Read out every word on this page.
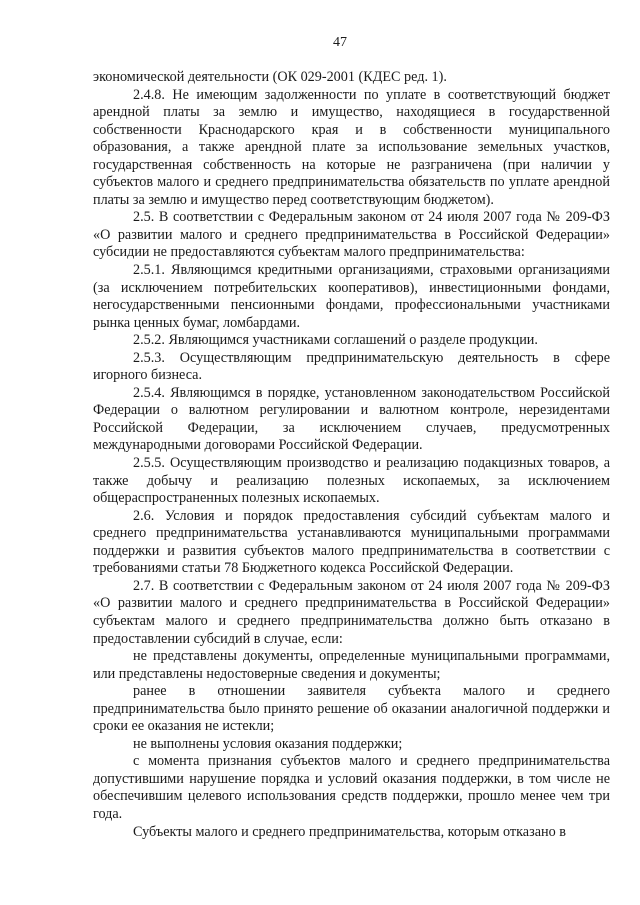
47

экономической деятельности (ОК 029-2001 (КДЕС ред. 1).

2.4.8. Не имеющим задолженности по уплате в соответствующий бюджет арендной платы за землю и имущество, находящиеся в государственной собственности Краснодарского края и в собственности муниципального образования, а также арендной плате за использование земельных участков, государственная собственность на которые не разграничена (при наличии у субъектов малого и среднего предпринимательства обязательств по уплате арендной платы за землю и имущество перед соответствующим бюджетом).

2.5. В соответствии с Федеральным законом от 24 июля 2007 года № 209-ФЗ «О развитии малого и среднего предпринимательства в Российской Федерации» субсидии не предоставляются субъектам малого предпринимательства:

2.5.1. Являющимся кредитными организациями, страховыми организациями (за исключением потребительских кооперативов), инвестиционными фондами, негосударственными пенсионными фондами, профессиональными участниками рынка ценных бумаг, ломбардами.

2.5.2. Являющимся участниками соглашений о разделе продукции.

2.5.3. Осуществляющим предпринимательскую деятельность в сфере игорного бизнеса.

2.5.4. Являющимся в порядке, установленном законодательством Российской Федерации о валютном регулировании и валютном контроле, нерезидентами Российской Федерации, за исключением случаев, предусмотренных международными договорами Российской Федерации.

2.5.5. Осуществляющим производство и реализацию подакцизных товаров, а также добычу и реализацию полезных ископаемых, за исключением общераспространенных полезных ископаемых.

2.6. Условия и порядок предоставления субсидий субъектам малого и среднего предпринимательства устанавливаются муниципальными программами поддержки и развития субъектов малого предпринимательства в соответствии с требованиями статьи 78 Бюджетного кодекса Российской Федерации.

2.7. В соответствии с Федеральным законом от 24 июля 2007 года № 209-ФЗ «О развитии малого и среднего предпринимательства в Российской Федерации» субъектам малого и среднего предпринимательства должно быть отказано в предоставлении субсидий в случае, если:

не представлены документы, определенные муниципальными программами, или представлены недостоверные сведения и документы;

ранее в отношении заявителя субъекта малого и среднего предпринимательства было принято решение об оказании аналогичной поддержки и сроки ее оказания не истекли;

не выполнены условия оказания поддержки;

с момента признания субъектов малого и среднего предпринимательства допустившими нарушение порядка и условий оказания поддержки, в том числе не обеспечившим целевого использования средств поддержки, прошло менее чем три года.

Субъекты малого и среднего предпринимательства, которым отказано в
